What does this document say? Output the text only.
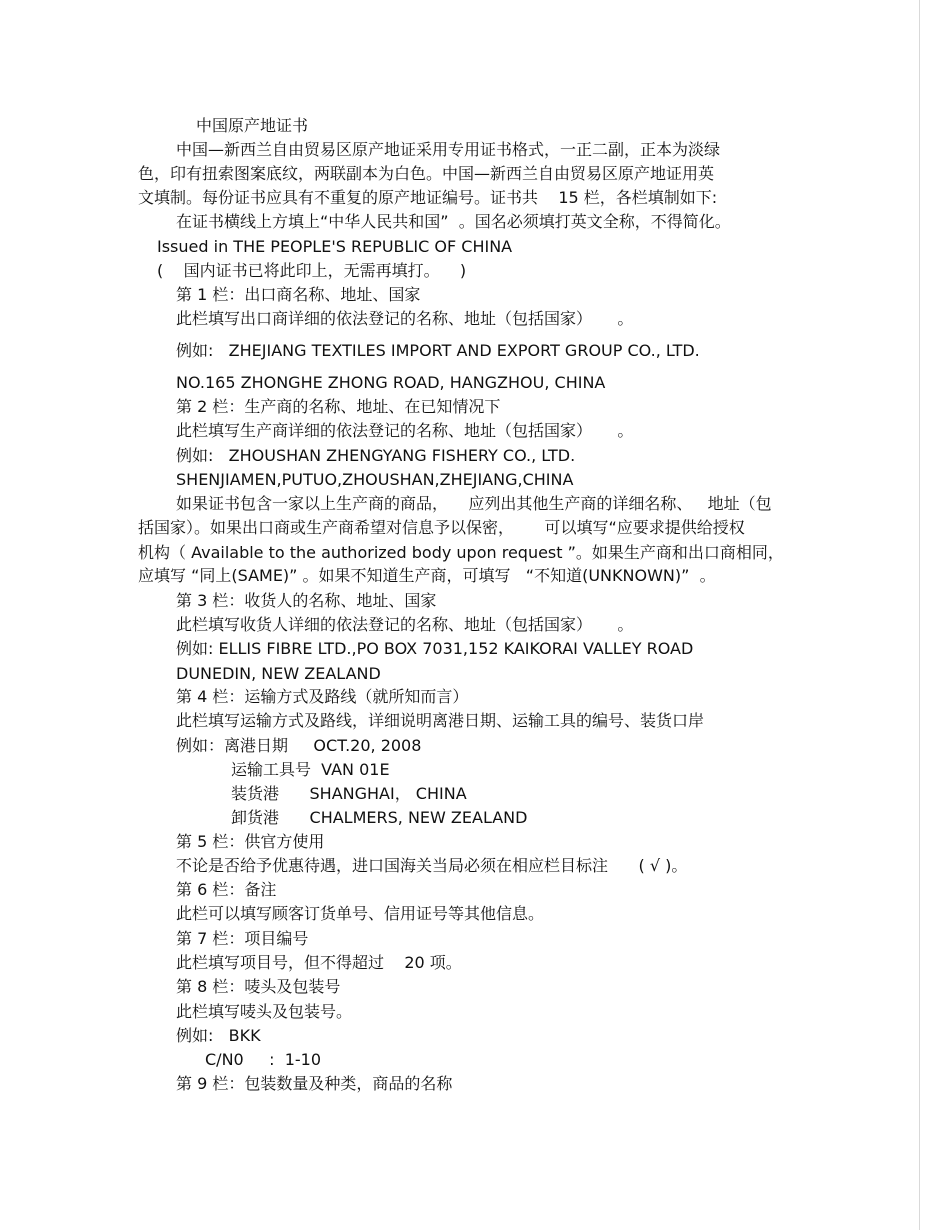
中国原产地证书
中国—新西兰自由贸易区原产地证采用专用证书格式，一正二副，正本为淡绿
色，印有扭索图案底纹，两联副本为白色。中国—新西兰自由贸易区原产地证用英
文填制。每份证书应具有不重复的原产地证编号。证书共    15 栏，各栏填制如下:
在证书横线上方填上“中华人民共和国”  。国名必须填打英文全称，不得简化。
Issued in THE PEOPLE'S REPUBLIC OF CHINA
(    国内证书已将此印上，无需再填打。    )
第 1 栏：出口商名称、地址、国家
此栏填写出口商详细的依法登记的名称、地址（包括国家）     。
例如:   ZHEJIANG TEXTILES IMPORT AND EXPORT GROUP CO., LTD.
NO.165 ZHONGHE ZHONG ROAD, HANGZHOU, CHINA
第 2 栏：生产商的名称、地址、在已知情况下
此栏填写生产商详细的依法登记的名称、地址（包括国家）     。
例如:   ZHOUSHAN ZHENGYANG FISHERY CO., LTD.
SHENJIAMEN,PUTUO,ZHOUSHAN,ZHEJIANG,CHINA
如果证书包含一家以上生产商的商品，    应列出其他生产商的详细名称、   地址（包
括国家）。如果出口商或生产商希望对信息予以保密，      可以填写“应要求提供给授权
机构（ Available to the authorized body upon request ”。如果生产商和出口商相同，
应填写 “同上(SAME)” 。如果不知道生产商，可填写   “不知道(UNKNOWN)”  。
第 3 栏：收货人的名称、地址、国家
此栏填写收货人详细的依法登记的名称、地址（包括国家）     。
例如: ELLIS FIBRE LTD.,PO BOX 7031,152 KAIKORAI VALLEY ROAD
DUNEDIN, NEW ZEALAND
第 4 栏：运输方式及路线（就所知而言）
此栏填写运输方式及路线，详细说明离港日期、运输工具的编号、装货口岸
例如：离港日期     OCT.20, 2008
运输工具号  VAN 01E
装货港      SHANGHAI， CHINA
卸货港      CHALMERS, NEW ZEALAND
第 5 栏：供官方使用
不论是否给予优惠待遇，进口国海关当局必须在相应栏目标注      ( √ )。
第 6 栏：备注
此栏可以填写顾客订货单号、信用证号等其他信息。
第 7 栏：项目编号
此栏填写项目号，但不得超过    20 项。
第 8 栏：唛头及包装号
此栏填写唛头及包装号。
例如:   BKK
C/N0     :  1-10
第 9 栏：包装数量及种类，商品的名称
